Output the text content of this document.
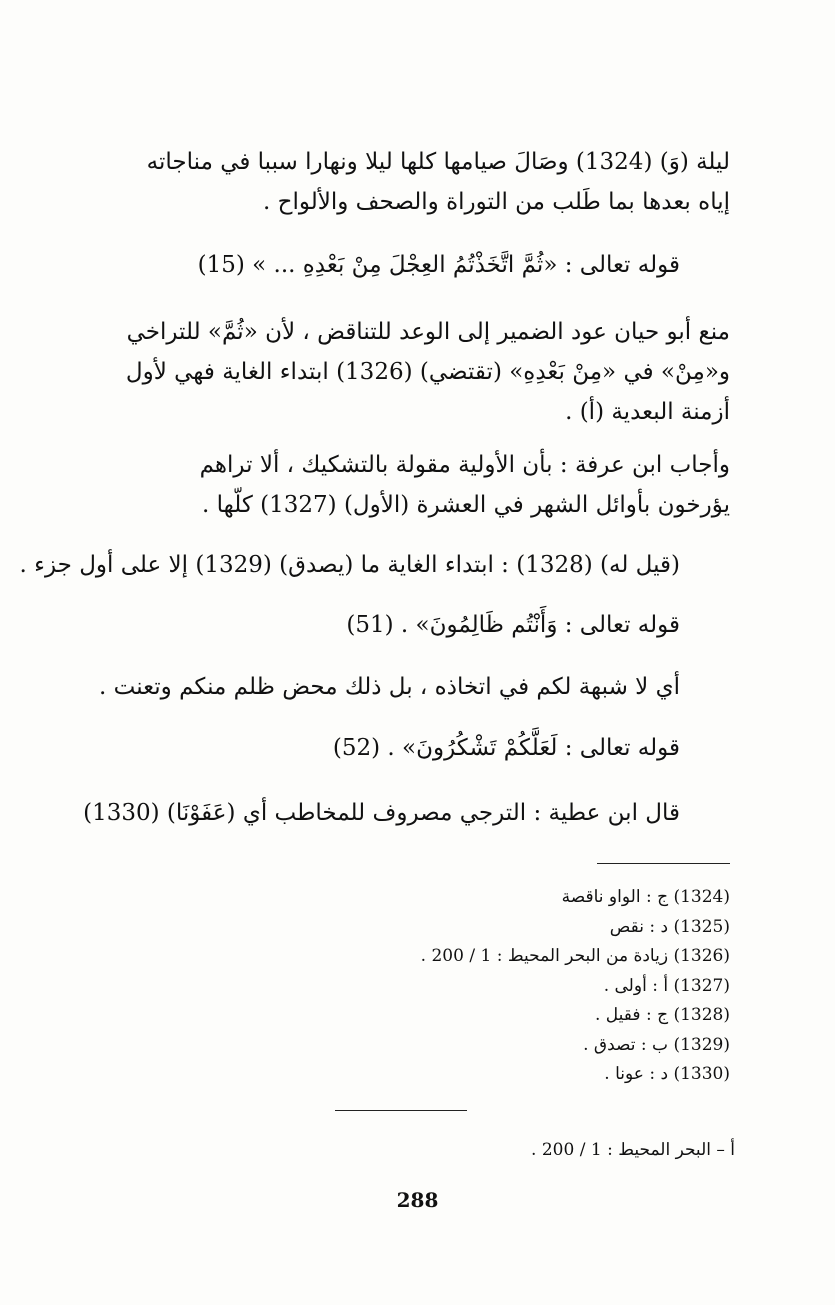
ليلة (وَ) (1324) وصَالَ صيامها كلها ليلا ونهارا سببا في مناجاته
إياه بعدها بما طَلب من التوراة والصحف والألواح .
قوله تعالى : «ثُمَّ اتَّخَذْتُمُ العِجْلَ مِنْ بَعْدِهِ ... » (15)
منع أبو حيان عود الضمير إلى الوعد للتناقض ، لأن «ثُمَّ» للتراخي
و«مِنْ» في «مِنْ بَعْدِهِ» (تقتضي) (1326) ابتداء الغاية فهي لأول
أزمنة البعدية (أ) .
وأجاب ابن عرفة : بأن الأولية مقولة بالتشكيك ، ألا تراهم
يؤرخون بأوائل الشهر في العشرة (الأول) (1327) كلّها .
(قيل له) (1328) : ابتداء الغاية ما (يصدق) (1329) إلا على أول جزء .
قوله تعالى : وَأَنْتُم ظَالِمُونَ» . (51)
أي لا شبهة لكم في اتخاذه ، بل ذلك محض ظلم منكم وتعنت .
قوله تعالى : لَعَلَّكُمْ تَشْكُرُونَ» . (52)
قال ابن عطية : الترجي مصروف للمخاطب أي (عَفَوْنَا) (1330)
(1324) ج : الواو ناقصة
(1325) د : نقص
(1326) زيادة من البحر المحيط : 1 / 200 .
(1327) أ : أولى .
(1328) ج : فقيل .
(1329) ب : تصدق .
(1330) د : عونا .
أ – البحر المحيط : 1 / 200 .
288
